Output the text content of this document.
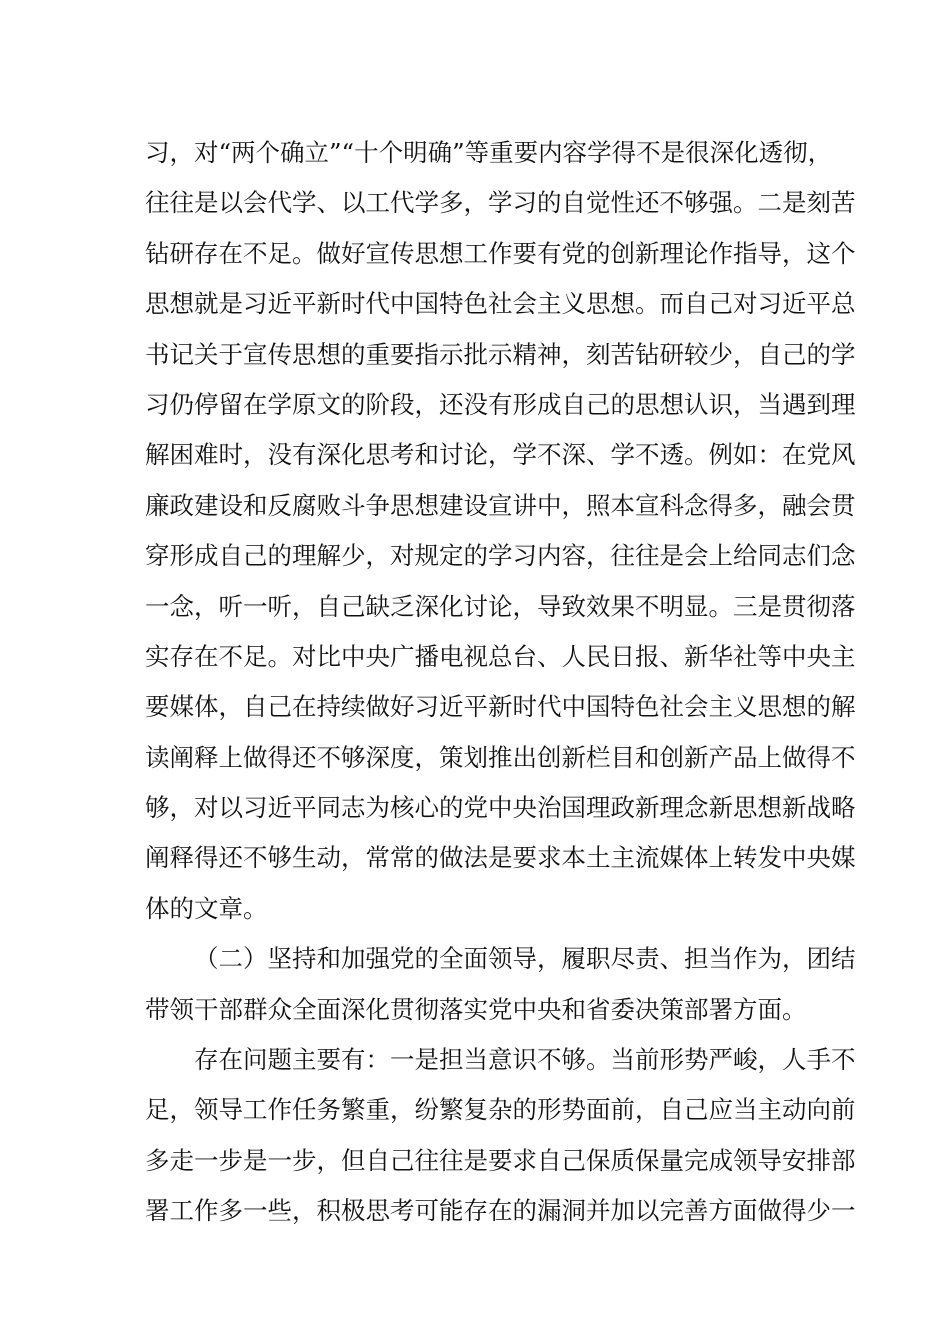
习，对“两个确立”“十个明确”等重要内容学得不是很深化透彻，
往往是以会代学、以工代学多，学习的自觉性还不够强。二是刻苦
钻研存在不足。做好宣传思想工作要有党的创新理论作指导，这个
思想就是习近平新时代中国特色社会主义思想。而自己对习近平总
书记关于宣传思想的重要指示批示精神，刻苦钻研较少，自己的学
习仍停留在学原文的阶段，还没有形成自己的思想认识，当遇到理
解困难时，没有深化思考和讨论，学不深、学不透。例如：在党风
廉政建设和反腐败斗争思想建设宣讲中，照本宣科念得多，融会贯
穿形成自己的理解少，对规定的学习内容，往往是会上给同志们念
一念，听一听，自己缺乏深化讨论，导致效果不明显。三是贯彻落
实存在不足。对比中央广播电视总台、人民日报、新华社等中央主
要媒体，自己在持续做好习近平新时代中国特色社会主义思想的解
读阐释上做得还不够深度，策划推出创新栏目和创新产品上做得不
够，对以习近平同志为核心的党中央治国理政新理念新思想新战略
阐释得还不够生动，常常的做法是要求本土主流媒体上转发中央媒
体的文章。
（二）坚持和加强党的全面领导，履职尽责、担当作为，团结
带领干部群众全面深化贯彻落实党中央和省委决策部署方面。
存在问题主要有：一是担当意识不够。当前形势严峻，人手不
足，领导工作任务繁重，纷繁复杂的形势面前，自己应当主动向前
多走一步是一步，但自己往往是要求自己保质保量完成领导安排部
署工作多一些，积极思考可能存在的漏洞并加以完善方面做得少一
